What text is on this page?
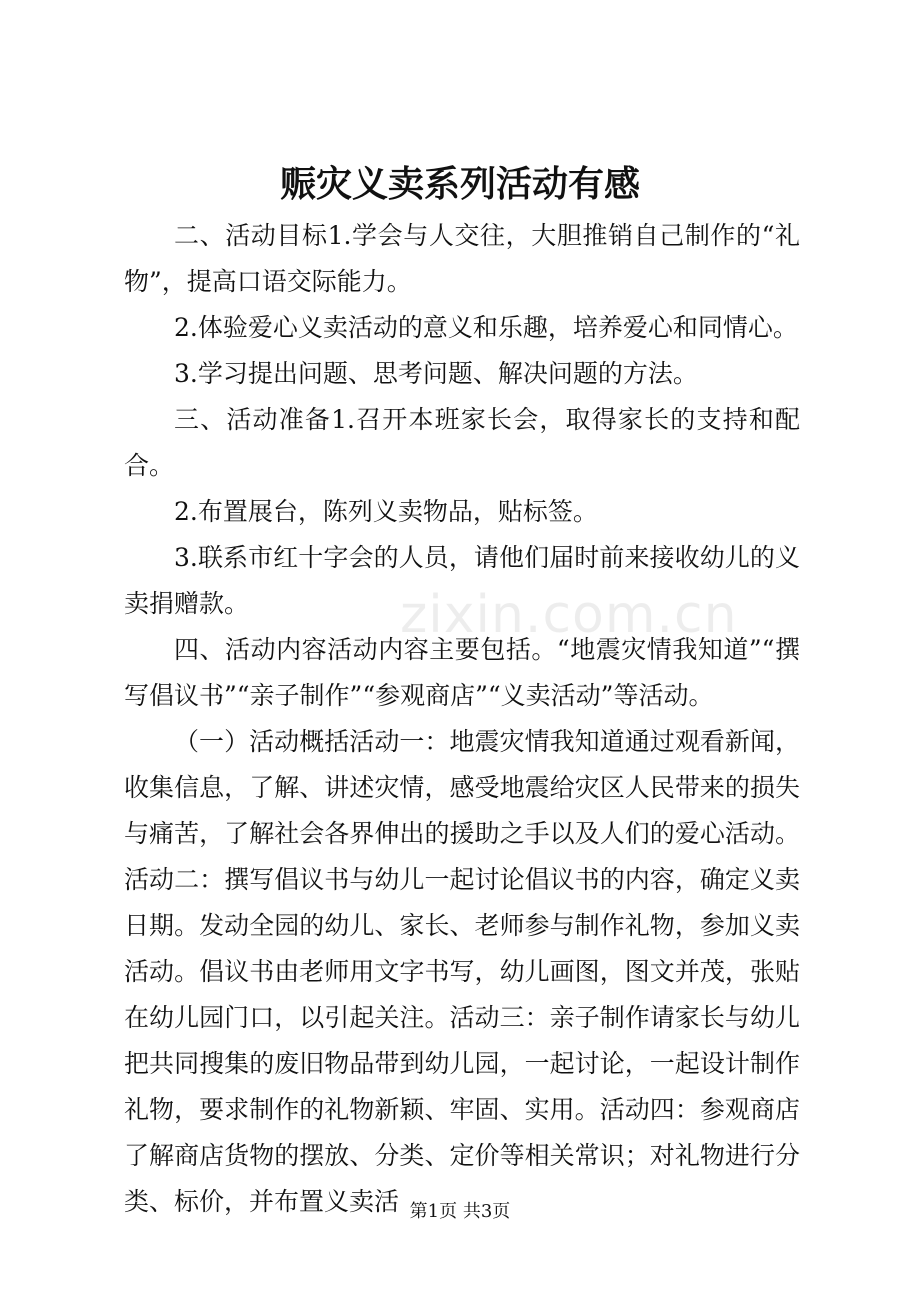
赈灾义卖系列活动有感

二、活动目标1.学会与人交往，大胆推销自己制作的“礼物”，提高口语交际能力。

2.体验爱心义卖活动的意义和乐趣，培养爱心和同情心。

3.学习提出问题、思考问题、解决问题的方法。

三、活动准备1.召开本班家长会，取得家长的支持和配合。

2.布置展台，陈列义卖物品，贴标签。

3.联系市红十字会的人员，请他们届时前来接收幼儿的义卖捐赠款。

四、活动内容活动内容主要包括。“地震灾情我知道”“撰写倡议书”“亲子制作”“参观商店”“义卖活动”等活动。

（一）活动概括活动一：地震灾情我知道通过观看新闻，收集信息，了解、讲述灾情，感受地震给灾区人民带来的损失与痛苦，了解社会各界伸出的援助之手以及人们的爱心活动。活动二：撰写倡议书与幼儿一起讨论倡议书的内容，确定义卖日期。发动全园的幼儿、家长、老师参与制作礼物，参加义卖活动。倡议书由老师用文字书写，幼儿画图，图文并茂，张贴在幼儿园门口，以引起关注。活动三：亲子制作请家长与幼儿把共同搜集的废旧物品带到幼儿园，一起讨论，一起设计制作礼物，要求制作的礼物新颖、牢固、实用。活动四：参观商店了解商店货物的摆放、分类、定价等相关常识；对礼物进行分类、标价，并布置义卖活

zixin.com.cn
第1页 共3页
